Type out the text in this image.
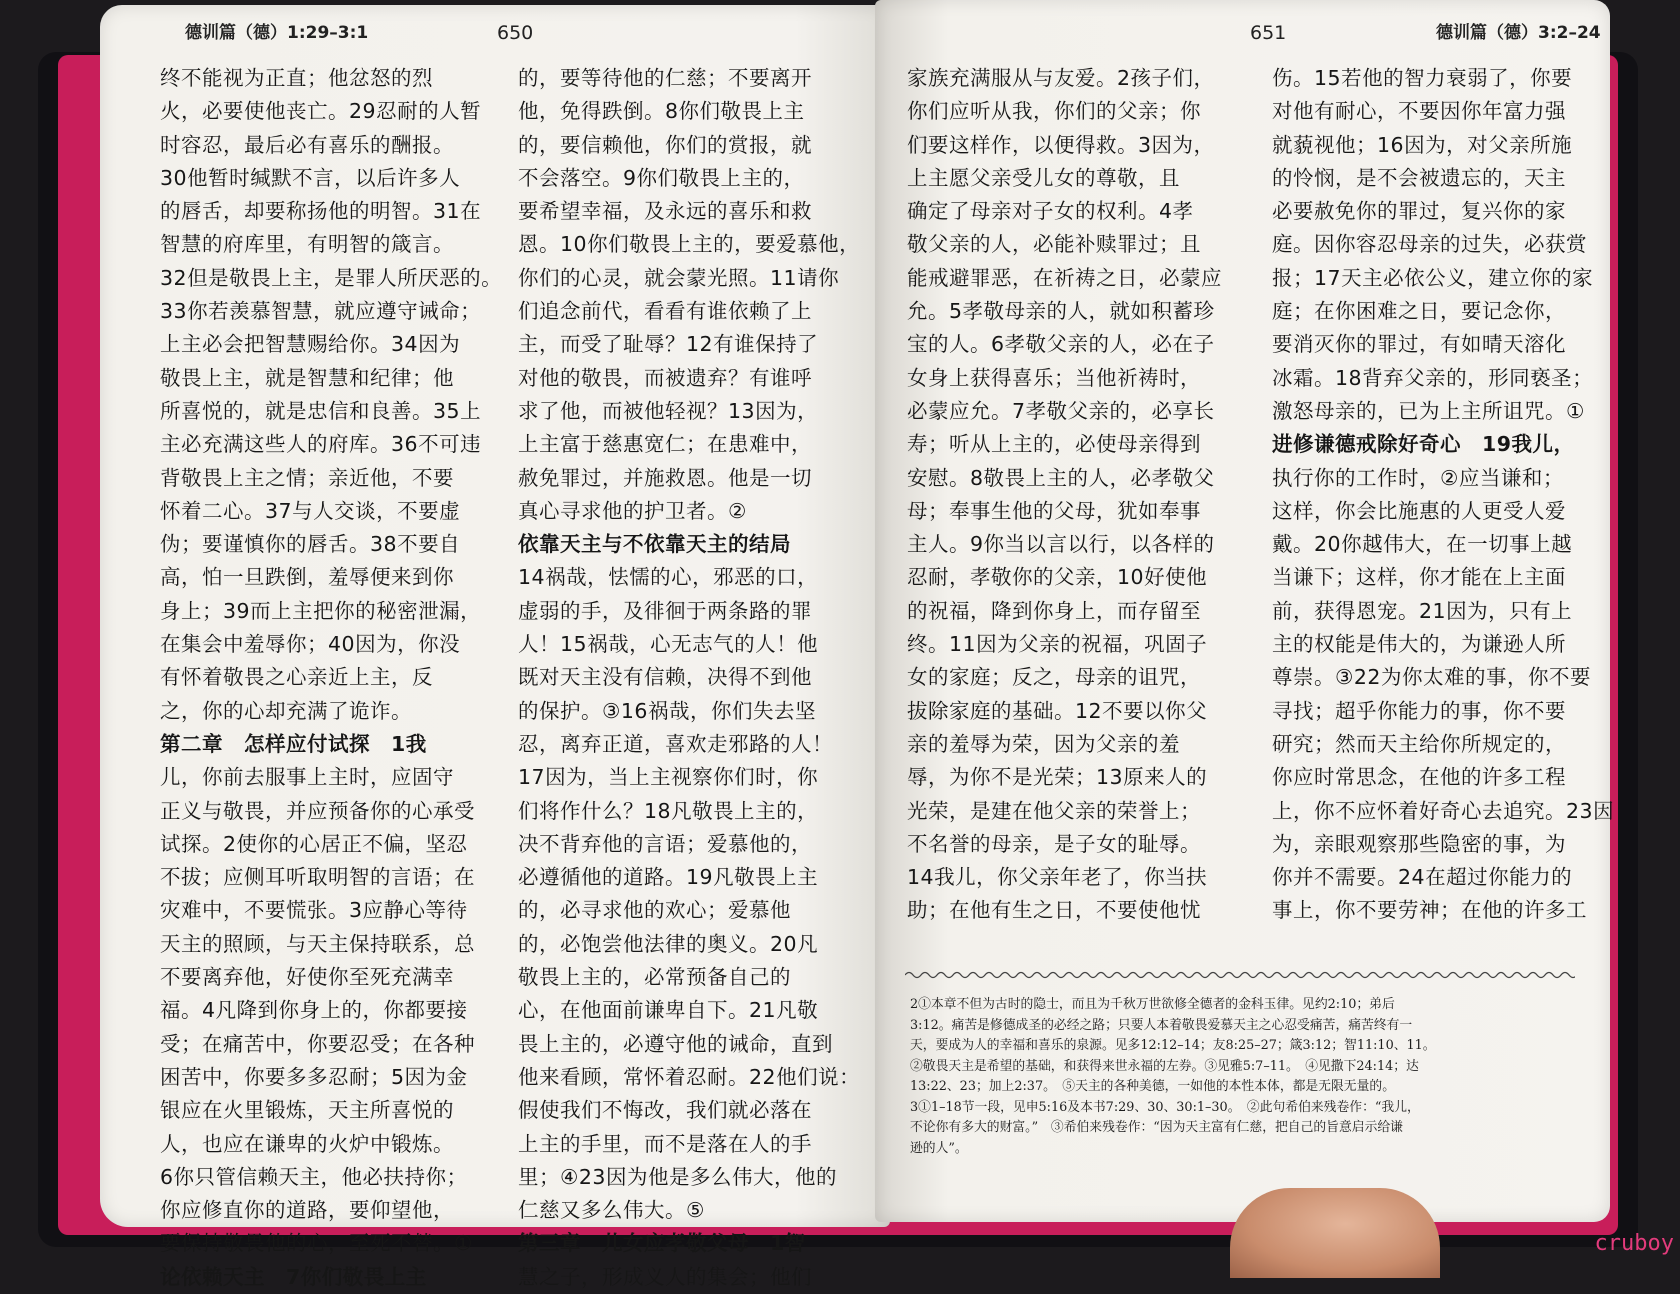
德训篇（德）1:29–3:1	650	651	德训篇（德）3:2–24
终不能视为正直；他忿怒的烈
火，必要使他丧亡。29忍耐的人暂
时容忍，最后必有喜乐的酬报。
30他暂时缄默不言，以后许多人
的唇舌，却要称扬他的明智。31在
智慧的府库里，有明智的箴言。
32但是敬畏上主，是罪人所厌恶的。
33你若羡慕智慧，就应遵守诫命；
上主必会把智慧赐给你。34因为
敬畏上主，就是智慧和纪律；他
所喜悦的，就是忠信和良善。35上
主必充满这些人的府库。36不可违
背敬畏上主之情；亲近他，不要
怀着二心。37与人交谈，不要虚
伪；要谨慎你的唇舌。38不要自
高，怕一旦跌倒，羞辱便来到你
身上；39而上主把你的秘密泄漏，
在集会中羞辱你；40因为，你没
有怀着敬畏之心亲近上主，反
之，你的心却充满了诡诈。
第二章　怎样应付试探　1我
儿，你前去服事上主时，应固守
正义与敬畏，并应预备你的心承受
试探。2使你的心居正不偏，坚忍
不拔；应侧耳听取明智的言语；在
灾难中，不要慌张。3应静心等待
天主的照顾，与天主保持联系，总
不要离弃他，好使你至死充满幸
福。4凡降到你身上的，你都要接
受；在痛苦中，你要忍受；在各种
困苦中，你要多多忍耐；5因为金
银应在火里锻炼，天主所喜悦的
人，也应在谦卑的火炉中锻炼。
6你只管信赖天主，他必扶持你；
你应修直你的道路，要仰望他，
要保持敬畏他的心，至死不替。①
论依赖天主　7你们敬畏上主
的，要等待他的仁慈；不要离开
他，免得跌倒。8你们敬畏上主
的，要信赖他，你们的赏报，就
不会落空。9你们敬畏上主的，
要希望幸福，及永远的喜乐和救
恩。10你们敬畏上主的，要爱慕他，
你们的心灵，就会蒙光照。11请你
们追念前代，看看有谁依赖了上
主，而受了耻辱？12有谁保持了
对他的敬畏，而被遗弃？有谁呼
求了他，而被他轻视？13因为，
上主富于慈惠宽仁；在患难中，
赦免罪过，并施救恩。他是一切
真心寻求他的护卫者。②
依靠天主与不依靠天主的结局
14祸哉，怯懦的心，邪恶的口，
虚弱的手，及徘徊于两条路的罪
人！15祸哉，心无志气的人！他
既对天主没有信赖，决得不到他
的保护。③16祸哉，你们失去坚
忍，离弃正道，喜欢走邪路的人！
17因为，当上主视察你们时，你
们将作什么？18凡敬畏上主的，
决不背弃他的言语；爱慕他的，
必遵循他的道路。19凡敬畏上主
的，必寻求他的欢心；爱慕他
的，必饱尝他法律的奥义。20凡
敬畏上主的，必常预备自己的
心，在他面前谦卑自下。21凡敬
畏上主的，必遵守他的诫命，直到
他来看顾，常怀着忍耐。22他们说：
假使我们不悔改，我们就必落在
上主的手里，而不是落在人的手
里；④23因为他是多么伟大，他的
仁慈又多么伟大。⑤
第三章　儿女应孝敬父母　1智
慧之子，形成义人的集会；他们
家族充满服从与友爱。2孩子们，
你们应听从我，你们的父亲；你
们要这样作，以便得救。3因为，
上主愿父亲受儿女的尊敬，且
确定了母亲对子女的权利。4孝
敬父亲的人，必能补赎罪过；且
能戒避罪恶，在祈祷之日，必蒙应
允。5孝敬母亲的人，就如积蓄珍
宝的人。6孝敬父亲的人，必在子
女身上获得喜乐；当他祈祷时，
必蒙应允。7孝敬父亲的，必享长
寿；听从上主的，必使母亲得到
安慰。8敬畏上主的人，必孝敬父
母；奉事生他的父母，犹如奉事
主人。9你当以言以行，以各样的
忍耐，孝敬你的父亲，10好使他
的祝福，降到你身上，而存留至
终。11因为父亲的祝福，巩固子
女的家庭；反之，母亲的诅咒，
拔除家庭的基础。12不要以你父
亲的羞辱为荣，因为父亲的羞
辱，为你不是光荣；13原来人的
光荣，是建在他父亲的荣誉上；
不名誉的母亲，是子女的耻辱。
14我儿，你父亲年老了，你当扶
助；在他有生之日，不要使他忧
伤。15若他的智力衰弱了，你要
对他有耐心，不要因你年富力强
就藐视他；16因为，对父亲所施
的怜悯，是不会被遗忘的，天主
必要赦免你的罪过，复兴你的家
庭。因你容忍母亲的过失，必获赏
报；17天主必依公义，建立你的家
庭；在你困难之日，要记念你，
要消灭你的罪过，有如晴天溶化
冰霜。18背弃父亲的，形同亵圣；
激怒母亲的，已为上主所诅咒。①
进修谦德戒除好奇心　19我儿，
执行你的工作时，②应当谦和；
这样，你会比施惠的人更受人爱
戴。20你越伟大，在一切事上越
当谦下；这样，你才能在上主面
前，获得恩宠。21因为，只有上
主的权能是伟大的，为谦逊人所
尊崇。③22为你太难的事，你不要
寻找；超乎你能力的事，你不要
研究；然而天主给你所规定的，
你应时常思念，在他的许多工程
上，你不应怀着好奇心去追究。23因
为，亲眼观察那些隐密的事，为
你并不需要。24在超过你能力的
事上，你不要劳神；在他的许多工
2①本章不但为古时的隐士，而且为千秋万世欲修全德者的金科玉律。见约2:10；弟后
3:12。痛苦是修德成圣的必经之路；只要人本着敬畏爱慕天主之心忍受痛苦，痛苦终有一
天，要成为人的幸福和喜乐的泉源。见多12:12–14；友8:25–27；箴3:12；智11:10、11。
②敬畏天主是希望的基础，和获得来世永福的左券。③见雅5:7–11。　④见撒下24:14；达
13:22、23；加上2:37。　⑤天主的各种美德，一如他的本性本体，都是无限无量的。
3①1–18节一段，见申5:16及本书7:29、30、30:1–30。　②此句希伯来残卷作：“我儿，
不论你有多大的财富。”　③希伯来残卷作：“因为天主富有仁慈，把自己的旨意启示给谦
逊的人”。
cruboy
